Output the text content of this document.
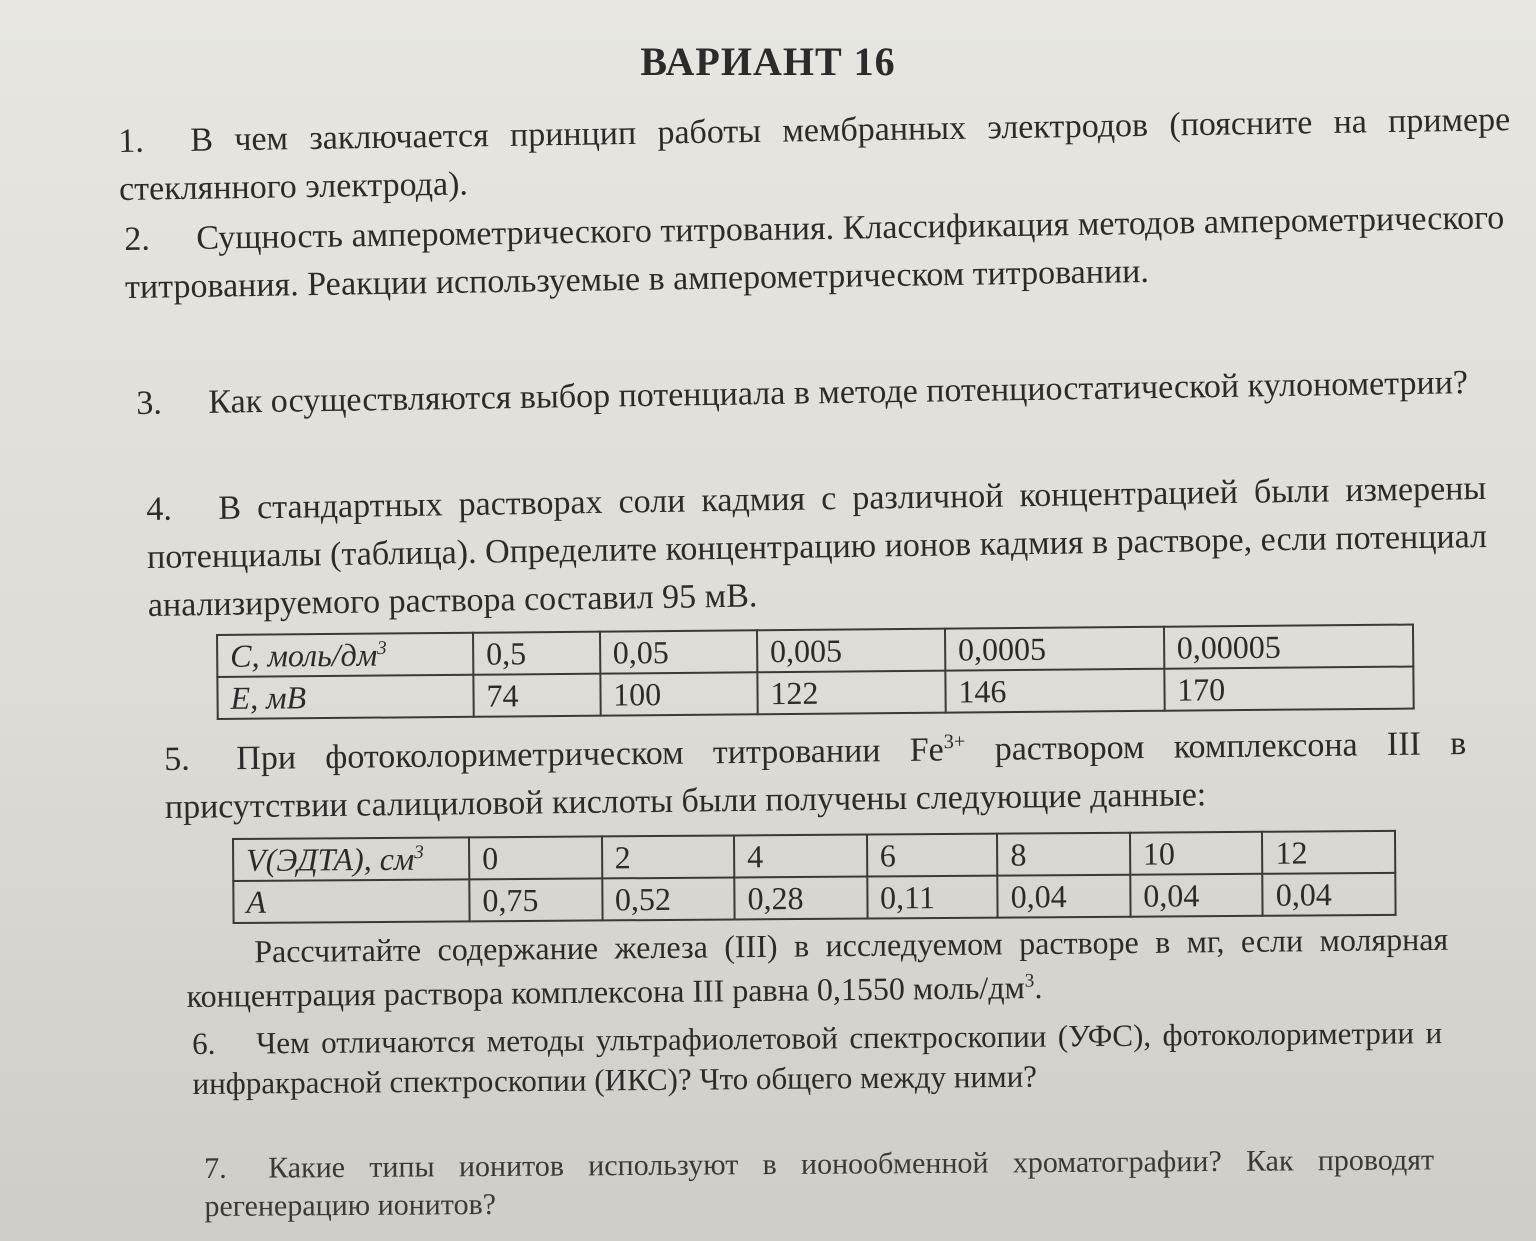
ВАРИАНТ 16
1. В чем заключается принцип работы мембранных электродов (поясните на примере стеклянного электрода).
2. Сущность амперометрического титрования. Классификация методов амперометрического титрования. Реакции используемые в амперометрическом титровании.
3. Как осуществляются выбор потенциала в методе потенциостатической кулонометрии?
4. В стандартных растворах соли кадмия с различной концентрацией были измерены потенциалы (таблица). Определите концентрацию ионов кадмия в растворе, если потенциал анализируемого раствора составил 95 мВ.
С, моль/$дм^3$	0,5	0,05	0,005	0,0005	0,00005
Е, мВ	74	100	122	146	170
5. При фотоколориметрическом титровании $Fe^{3+}$ раствором комплексона III в присутствии салициловой кислоты были получены следующие данные:
V(ЭДТА), $см^3$	0	2	4	6	8	10	12
A	0,75	0,52	0,28	0,11	0,04	0,04	0,04
Рассчитайте содержание железа (III) в исследуемом растворе в мг, если молярная концентрация раствора комплексона III равна 0,1550 моль/$дм^3$.
6. Чем отличаются методы ультрафиолетовой спектроскопии (УФС), фотоколориметрии и инфракрасной спектроскопии (ИКС)? Что общего между ними?
7. Какие типы ионитов используют в ионообменной хроматографии? Как проводят регенерацию ионитов?
